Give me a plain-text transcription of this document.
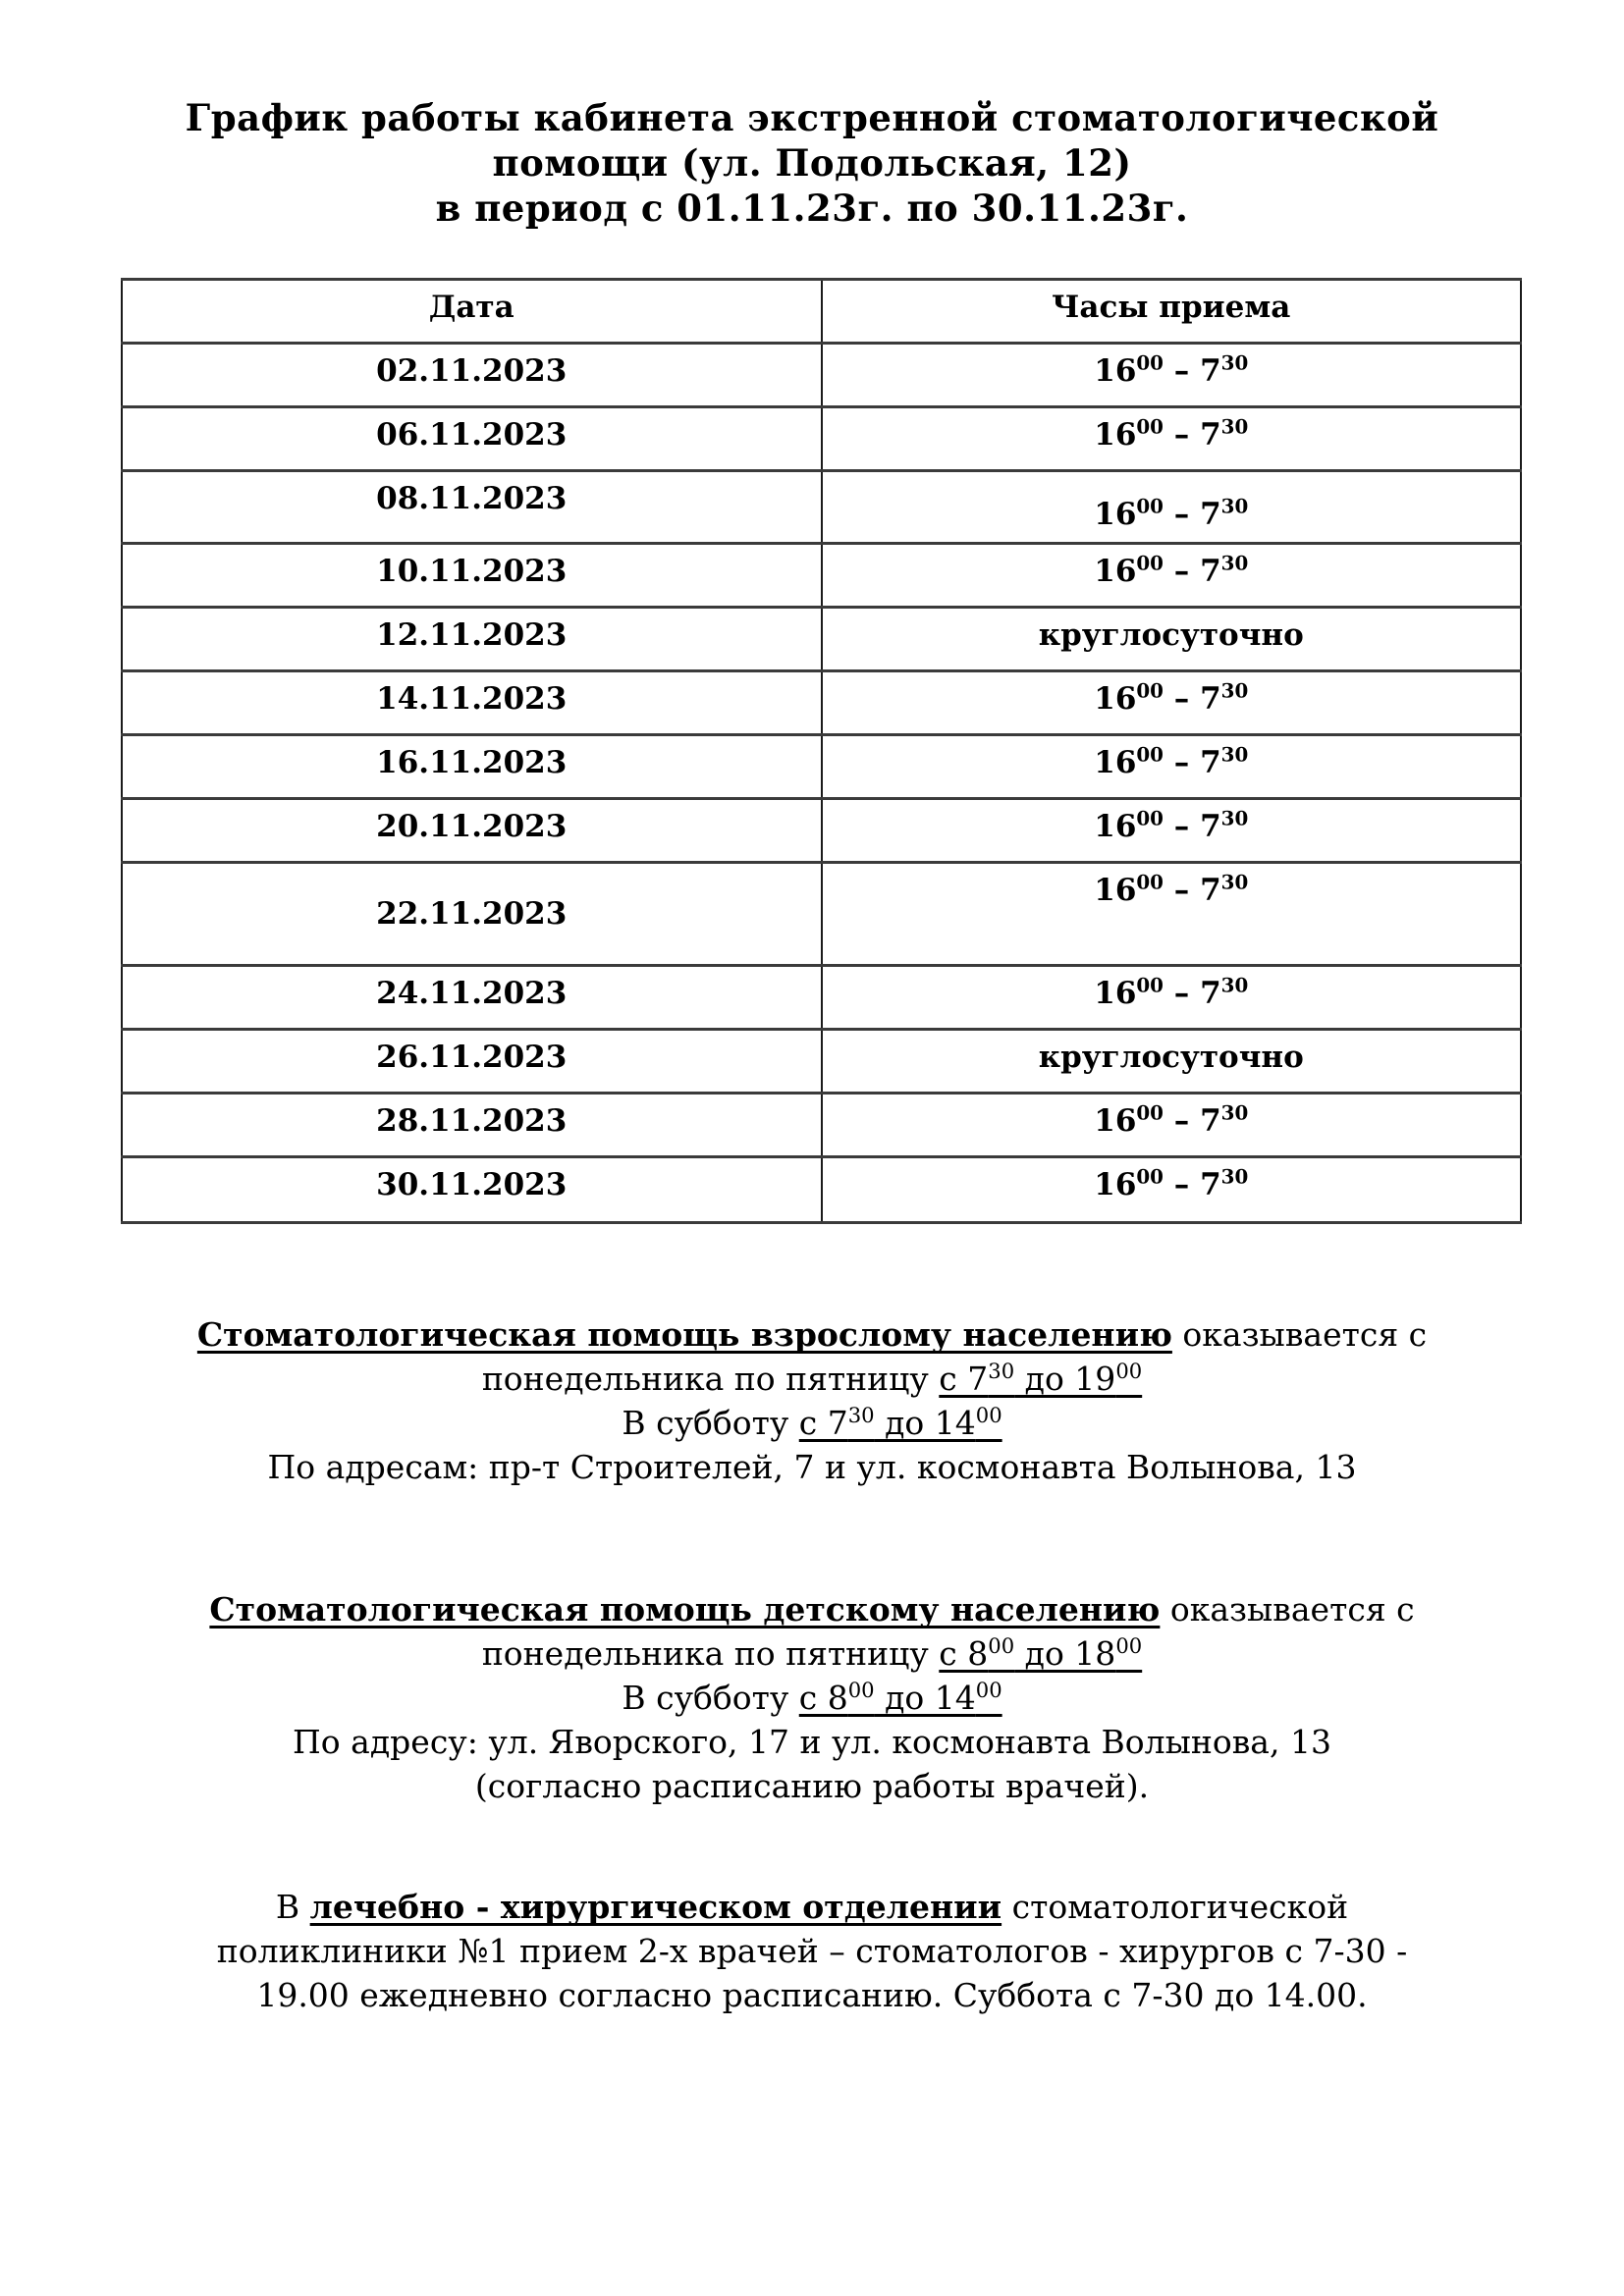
График работы кабинета экстренной стоматологической
помощи (ул. Подольская, 12)
в период с 01.11.23г. по 30.11.23г.
Дата	Часы приема
02.11.2023	$16^{00} - 7^{30}$
06.11.2023	$16^{00} - 7^{30}$
08.11.2023	$16^{00} - 7^{30}$
10.11.2023	$16^{00} - 7^{30}$
12.11.2023	круглосуточно
14.11.2023	$16^{00} - 7^{30}$
16.11.2023	$16^{00} - 7^{30}$
20.11.2023	$16^{00} - 7^{30}$
22.11.2023	$16^{00} - 7^{30}$
24.11.2023	$16^{00} - 7^{30}$
26.11.2023	круглосуточно
28.11.2023	$16^{00} - 7^{30}$
30.11.2023	$16^{00} - 7^{30}$

Стоматологическая помощь взрослому населению оказывается с
понедельника по пятницу с $7^{30}$ до $19^{00}$
В субботу с $7^{30}$ до $14^{00}$
По адресам: пр-т Строителей, 7 и ул. космонавта Волынова, 13

Стоматологическая помощь детскому населению оказывается с
понедельника по пятницу с $8^{00}$ до $18^{00}$
В субботу с $8^{00}$ до $14^{00}$
По адресу: ул. Яворского, 17 и ул. космонавта Волынова, 13
(согласно расписанию работы врачей).

В лечебно - хирургическом отделении стоматологической
поликлиники №1 прием 2-х врачей – стоматологов - хирургов с 7-30 -
19.00 ежедневно согласно расписанию. Суббота с 7-30 до 14.00.
